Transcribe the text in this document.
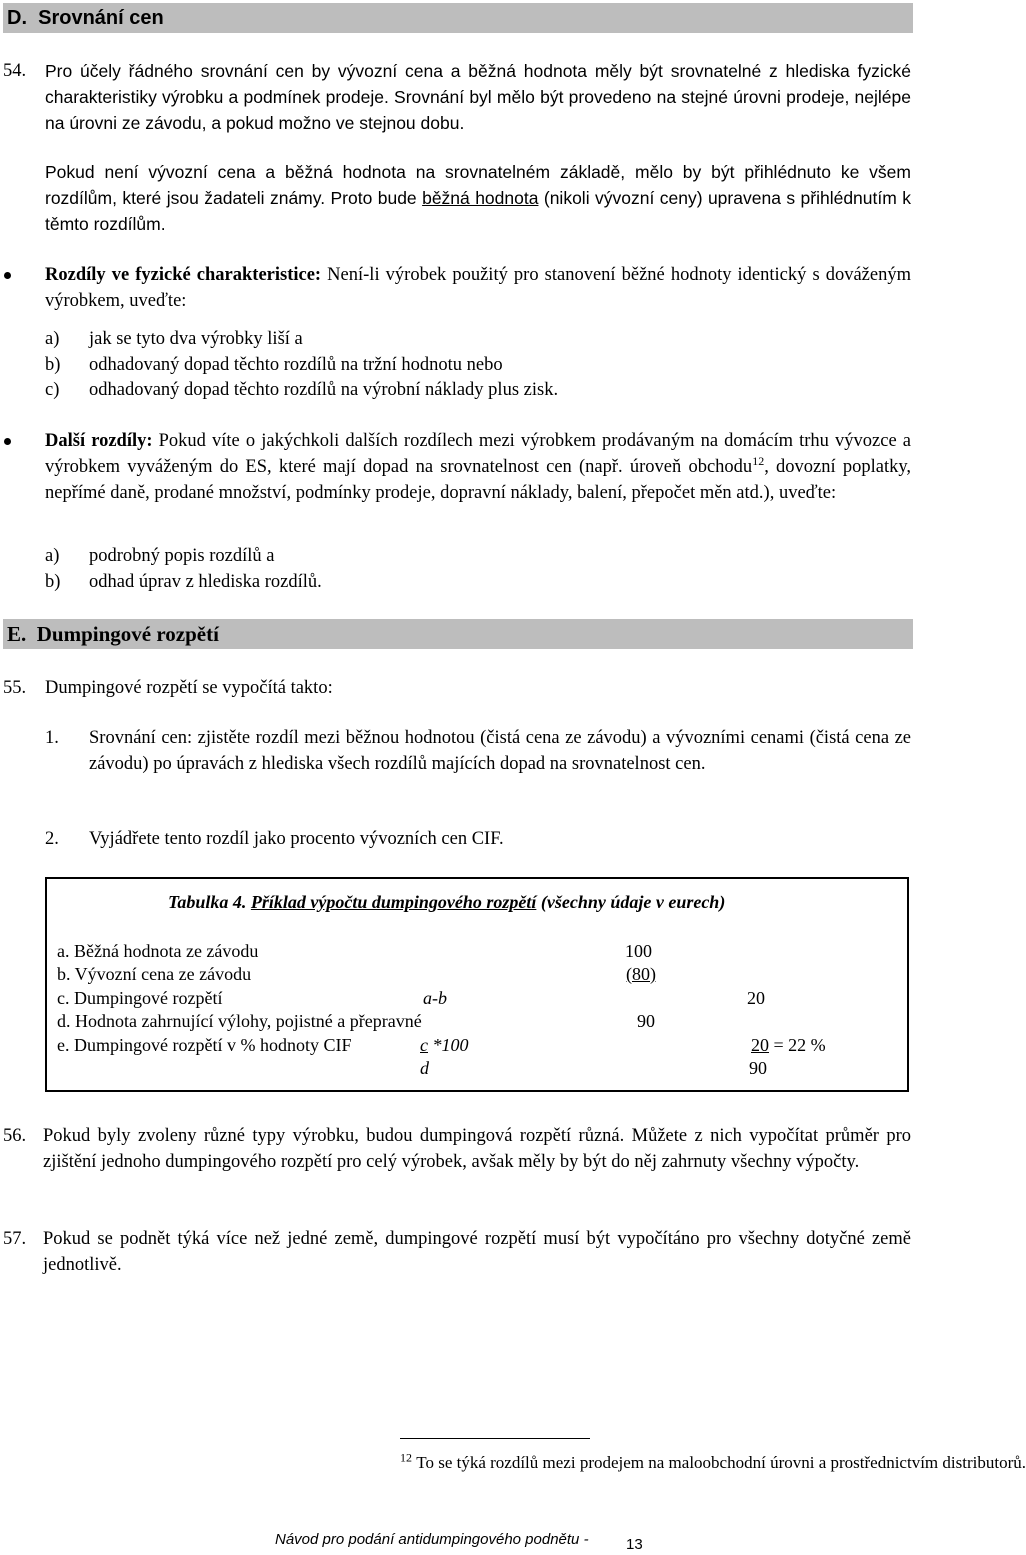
D. Srovnání cen
54. Pro účely řádného srovnání cen by vývozní cena a běžná hodnota měly být srovnatelné z hlediska fyzické charakteristiky výrobku a podmínek prodeje. Srovnání byl mělo být provedeno na stejné úrovni prodeje, nejlépe na úrovni ze závodu, a pokud možno ve stejnou dobu.
Pokud není vývozní cena a běžná hodnota na srovnatelném základě, mělo by být přihlédnuto ke všem rozdílům, které jsou žadateli známy. Proto bude běžná hodnota (nikoli vývozní ceny) upravena s přihlédnutím k těmto rozdílům.
Rozdíly ve fyzické charakteristice: Není-li výrobek použitý pro stanovení běžné hodnoty identický s dováženým výrobkem, uveďte:
a) jak se tyto dva výrobky liší a
b) odhadovaný dopad těchto rozdílů na tržní hodnotu nebo
c) odhadovaný dopad těchto rozdílů na výrobní náklady plus zisk.
Další rozdíly: Pokud víte o jakýchkoli dalších rozdílech mezi výrobkem prodávaným na domácím trhu vývozce a výrobkem vyváženým do ES, které mají dopad na srovnatelnost cen (např. úroveň obchodu$^{12}$, dovozní poplatky, nepřímé daně, prodané množství, podmínky prodeje, dopravní náklady, balení, přepočet měn atd.), uveďte:
a) podrobný popis rozdílů a
b) odhad úprav z hlediska rozdílů.
E. Dumpingové rozpětí
55. Dumpingové rozpětí se vypočítá takto:
1. Srovnání cen: zjistěte rozdíl mezi běžnou hodnotou (čistá cena ze závodu) a vývozními cenami (čistá cena ze závodu) po úpravách z hlediska všech rozdílů majících dopad na srovnatelnost cen.
2. Vyjádřete tento rozdíl jako procento vývozních cen CIF.
Tabulka 4. Příklad výpočtu dumpingového rozpětí (všechny údaje v eurech)
a. Běžná hodnota ze závodu	100
b. Vývozní cena ze závodu	(80)
c. Dumpingové rozpětí	a-b	20
d. Hodnota zahrnující výlohy, pojistné a přepravné	90
e. Dumpingové rozpětí v % hodnoty CIF	c *100	20 = 22 %
d	90
56. Pokud byly zvoleny různé typy výrobku, budou dumpingová rozpětí různá. Můžete z nich vypočítat průměr pro zjištění jednoho dumpingového rozpětí pro celý výrobek, avšak měly by být do něj zahrnuty všechny výpočty.
57. Pokud se podnět týká více než jedné země, dumpingové rozpětí musí být vypočítáno pro všechny dotyčné země jednotlivě.
$^{12}$ To se týká rozdílů mezi prodejem na maloobchodní úrovni a prostřednictvím distributorů.
Návod pro podání antidumpingového podnětu - 13
